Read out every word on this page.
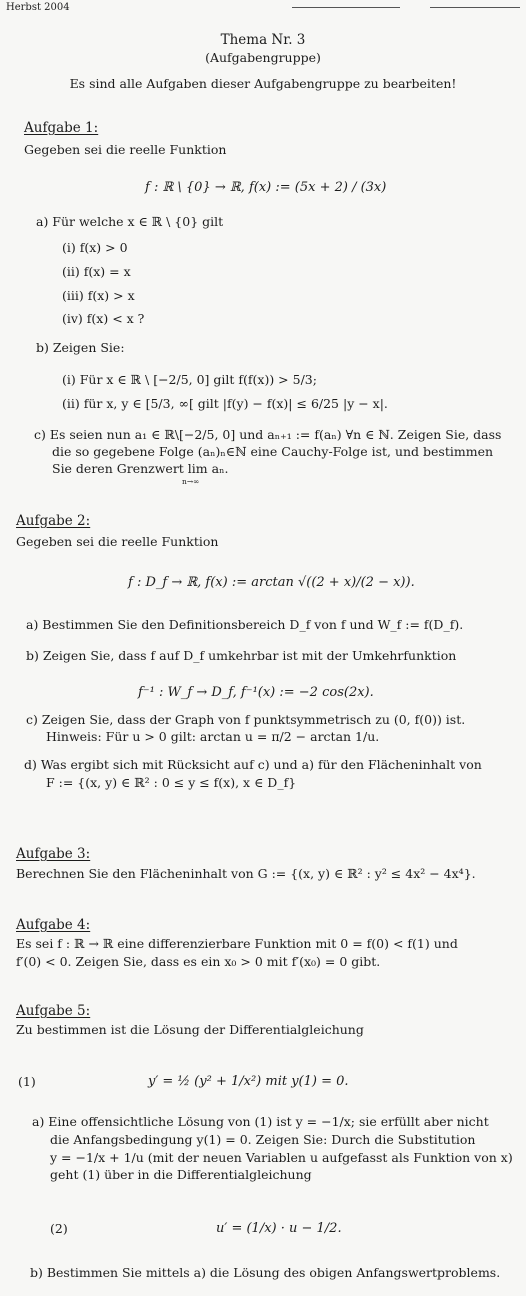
Herbst 2004
Thema Nr. 3
(Aufgabengruppe)
Es sind alle Aufgaben dieser Aufgabengruppe zu bearbeiten!
Aufgabe 1:
Gegeben sei die reelle Funktion
f : ℝ \ {0} → ℝ, f(x) := (5x + 2) / (3x)
a) Für welche x ∈ ℝ \ {0} gilt
(i) f(x) > 0
(ii) f(x) = x
(iii) f(x) > x
(iv) f(x) < x ?
b) Zeigen Sie:
(i) Für x ∈ ℝ \ [−2/5, 0] gilt f(f(x)) > 5/3;
(ii) für x, y ∈ [5/3, ∞[ gilt |f(y) − f(x)| ≤ 6/25 |y − x|.
c) Es seien nun a₁ ∈ ℝ\[−2/5, 0] und aₙ₊₁ := f(aₙ) ∀n ∈ ℕ. Zeigen Sie, dass
die so gegebene Folge (aₙ)ₙ∈ℕ eine Cauchy-Folge ist, und bestimmen
Sie deren Grenzwert lim aₙ.
n→∞
Aufgabe 2:
Gegeben sei die reelle Funktion
f : D_f → ℝ, f(x) := arctan √((2 + x)/(2 − x)).
a) Bestimmen Sie den Definitionsbereich D_f von f und W_f := f(D_f).
b) Zeigen Sie, dass f auf D_f umkehrbar ist mit der Umkehrfunktion
f⁻¹ : W_f → D_f, f⁻¹(x) := −2 cos(2x).
c) Zeigen Sie, dass der Graph von f punktsymmetrisch zu (0, f(0)) ist.
Hinweis: Für u > 0 gilt: arctan u = π/2 − arctan 1/u.
d) Was ergibt sich mit Rücksicht auf c) und a) für den Flächeninhalt von
F := {(x, y) ∈ ℝ² : 0 ≤ y ≤ f(x), x ∈ D_f}
Aufgabe 3:
Berechnen Sie den Flächeninhalt von G := {(x, y) ∈ ℝ² : y² ≤ 4x² − 4x⁴}.
Aufgabe 4:
Es sei f : ℝ → ℝ eine differenzierbare Funktion mit 0 = f(0) < f(1) und
f′(0) < 0. Zeigen Sie, dass es ein x₀ > 0 mit f′(x₀) = 0 gibt.
Aufgabe 5:
Zu bestimmen ist die Lösung der Differentialgleichung
(1)	y′ = ½ (y² + 1/x²) mit y(1) = 0.
a) Eine offensichtliche Lösung von (1) ist y = −1/x; sie erfüllt aber nicht
die Anfangsbedingung y(1) = 0. Zeigen Sie: Durch die Substitution
y = −1/x + 1/u (mit der neuen Variablen u aufgefasst als Funktion von x)
geht (1) über in die Differentialgleichung
(2)	u′ = (1/x) · u − 1/2.
b) Bestimmen Sie mittels a) die Lösung des obigen Anfangswertproblems.
